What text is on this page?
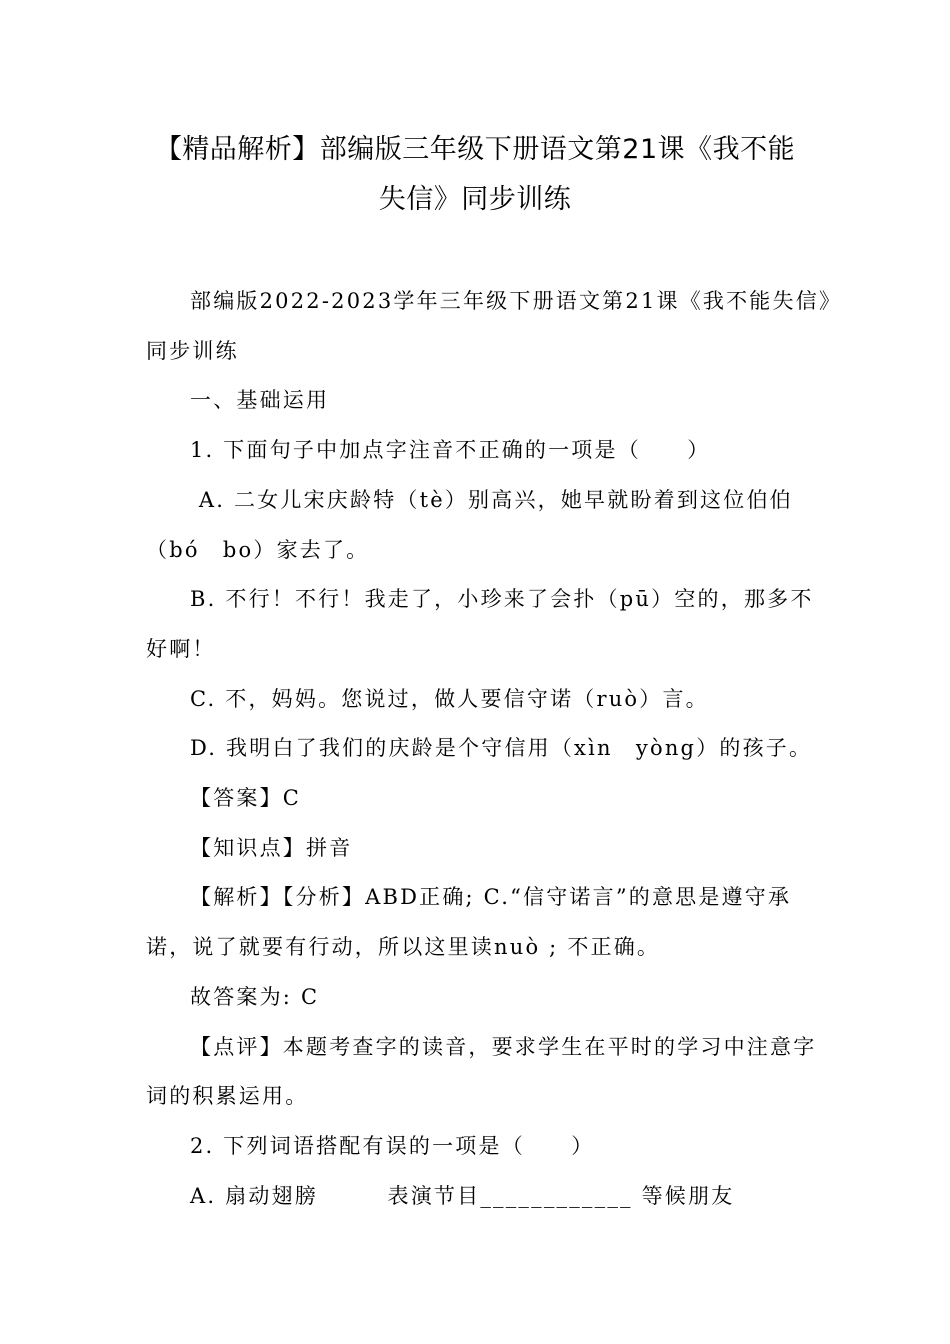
【精品解析】部编版三年级下册语文第21课《我不能
失信》同步训练
部编版2022-2023学年三年级下册语文第21课《我不能失信》
同步训练
一、基础运用
1. 下面句子中加点字注音不正确的一项是（　　）
A. 二女儿宋庆龄特（tè）别高兴，她早就盼着到这位伯伯
（bó　bo）家去了。
B. 不行！不行！我走了，小珍来了会扑（pū）空的，那多不
好啊！
C. 不，妈妈。您说过，做人要信守诺（ruò）言。
D. 我明白了我们的庆龄是个守信用（xìn　yòng）的孩子。
【答案】C
【知识点】拼音
【解析】【分析】ABD正确; C.“信守诺言”的意思是遵守承
诺，说了就要有行动，所以这里读nuò ; 不正确。
故答案为: C
【点评】本题考查字的读音，要求学生在平时的学习中注意字
词的积累运用。
2. 下列词语搭配有误的一项是（　　）
A. 扇动翅膀　　　表演节目____________ 等候朋友
